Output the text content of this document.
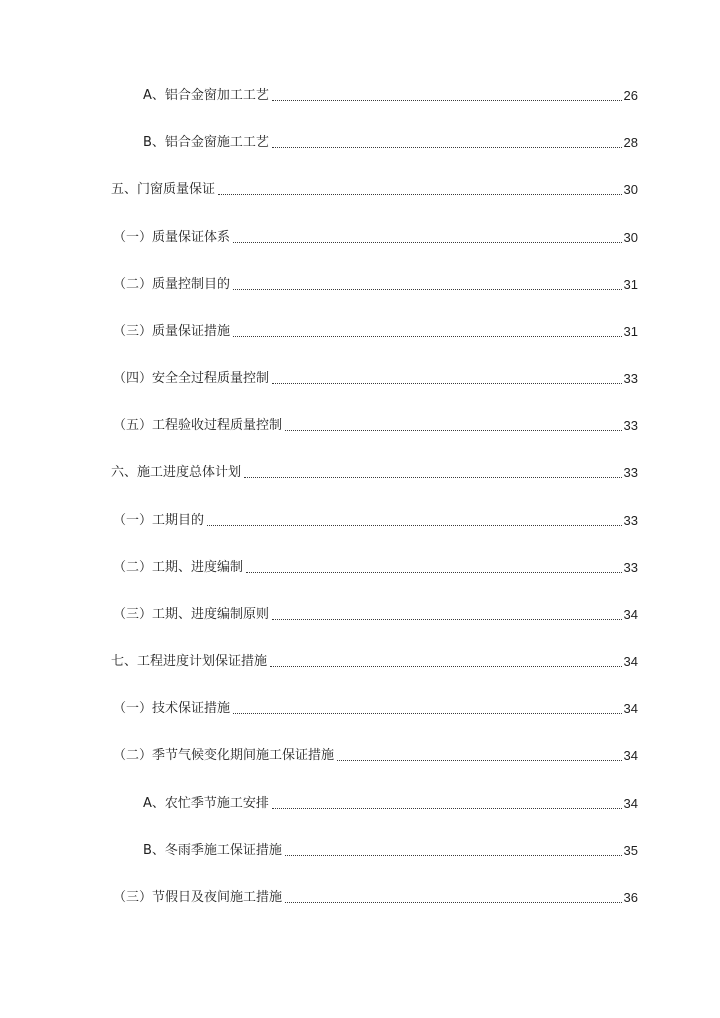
A、铝合金窗加工工艺	26
B、铝合金窗施工工艺	28
五、门窗质量保证	30
（一）质量保证体系	30
（二）质量控制目的	31
（三）质量保证措施	31
（四）安全全过程质量控制	33
（五）工程验收过程质量控制	33
六、施工进度总体计划	33
（一）工期目的	33
（二）工期、进度编制	33
（三）工期、进度编制原则	34
七、工程进度计划保证措施	34
（一）技术保证措施	34
（二）季节气候变化期间施工保证措施	34
A、农忙季节施工安排	34
B、冬雨季施工保证措施	35
（三）节假日及夜间施工措施	36
